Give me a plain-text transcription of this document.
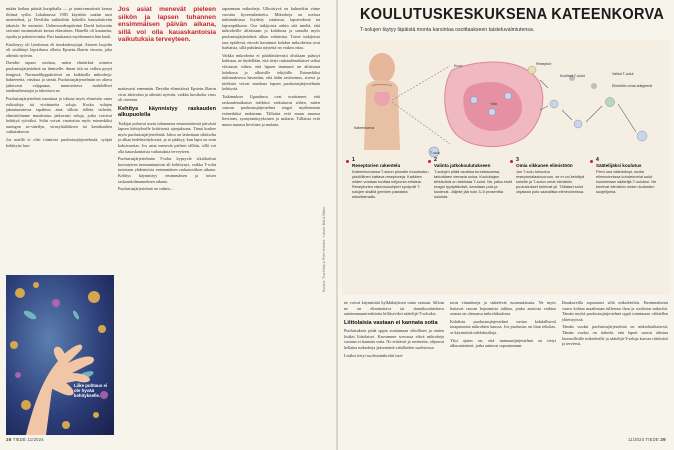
miään ketkun pääsiä koripihalla — ja toimiveansiintti kertaa ilttinsä syilin. Lokakuussa 1983 käyttöön saatiin uusi menetelmä, ja Devildin saikkeltiin kokeilla hauisalaiireiin takaisla. Se ominaisi. Usdenvuodenpäivänä David kuluvatin saivaisti ensimmäistä kertaa elänsäisen. Hänellä oli kuumetta, ripulia ja pahoinvointia. Pari kuukautta myöhemmin hän kuoli.

Kuolinsyy oli lymfooma eli imukudossyöpä. Sisaren luuydin oli sisältänyt lepotilassa olluita Epstein–Barrin viruota, joka aiheutti nyövän.

Davidin tapaus osoittaa, miten elintärkeä toimiva puolustusjärjestelmä on ihmiselle: ilman sitä on valkea pysyä hengissä. Normaalihyppäiriössä on kaikkialla mikrobeja: bakteereita, viruksia ja sieniä. Puolustusjärjestelmän on oltava jatkuvasti valppaana, tunnistettava mahdolliset taudinaiheuttajat ja tuhottava ne.

Puolustusjärjestelmä tunnistaa ja tuhoaa myös elimistön omia riskisoluja tai vioittuneita soluja. Koska solujen jakautumisessa tapahtuu aina silloin tällöin virheitä, elimistöömme muodostuu jatkuvasti soluja, jotka voisivat kehittyä syöväksi. Solut voivat vaurioitua myös esimerkiksi auringon uv-säteilyn, virusyhtälöiksen tai kemikaalien vaikutuksesta.

Jos meillä ei olisi toimivaa puolustusjärjestelmää, syöpiä kehittyisi huo-

Jos asiat menevät pieleen siikön ja lapsen tuhannen ensimmäisen päivän aikana, sillä voi olla kauaskantoisia vaikutuksia terveyteen.

mattavasti enemmän. Davidin elimistössä Epstein–Barrin virus aktivoitui ja aiheutti nyövän, vaikka luosikolta virus oli oireeton.

Kehitys käynnistyy raskauden alkupuolella

Tutkijat puhuvat usein tuhannesta ensimmäisestä päivästä lapsen kehitykselle kriittisenä ajanjaksona. Tämä koskee myös puolustusjärjestelmää. Jakso on laskettaan siköiselta ja alkaa hedelmöityksestä, ja se päättyy, kun lapsi on noin kaksivuotias. Jos asiat menevät pieleen tällöin, sillä voi olla kauaskantoisia vaikutuksia terveyteen.

Puolustusjärjestelmän T-solut kypsyvät sikiökalvan kasvutyiren immuuniuntuin ali kehittynyt, vaikka T-solut tuotetaan yhdentoista ensimmäisen raskausviikon aikana. Kehitys käynnistyy ensimmäisen ja toisen raskauskolmanneksen aikana.

Puolustusjärjestelmä on valmis...

tapaamaan mikrobeja. Ulkoistyvä on kulmeikin viime vuosina kyseenalaistettu. Mikrobeja on useissa tutkimuksissa löydetty istukasta, lapsivedestä tai lapsenpihkasta. Osa tutkijoista onkin sitä mieltä, että mikrobeille altistutaan jo kohdussa ja samalla myös puolustusjärjestelmä alkaa valmistua. Toiset tutkijoista taas epäilevät, ettovät havainnot kohdun mikrobeista ovat harhaisia, sillä puhdasta näytettä on vaikea ottaa.

Vaikka mikrobeita ei päädäisittevästi olisikaan päässyt kohtuun, ne täydellään, että tietyt raskaudenaikaiset seikat viittaavat siihen, että lapsen immuuni on altistunut kohdussa jo ulkoisille tekijöille. Esimerkiksi tutkimuksessa havaittiin, että äidin ravitsemus, stressi ja infektiot voivat muokata lapsen puolustusjärjestelmän kehitystä.

Tutkimukset Ugandassa ovat osoittaneet, että raskaudenaikaiset infektiot vaikuttavat siihen, miten vauvan puolustusjärjestelmä reagoi myöhemmin esimerkiksi malariaan. Tällaisia eviä muun muassa lieviinen, synnynnäisyyksinen ja malaria. Tällaisia eviä muun muassa lieviinen ja malaria.

Liike puhtaus ei ole hyvää kehitykselle.
Kuvitus: Tina Kelly & Peter Holmes · Lähde: Bild & Bilder
26 TIEDE 11/2024
KOULUTUSKESKUKSENA KATEENKORVA
T-solujen täytyy läpäistä monta karsintaa osoittaakseen taisteluvalmiutensa.
Kateenkorva
T-solu
Kuori
Ydin
Reseptori
Valitut T-solut
Elimistön omat antigeenit
Kuolleet T-solut
1
Reseptorien rakentelu
Kateenkorvassa T-solun pinnalle muodostuu yksilöllinen kattava reseptoreja. Kaikkien niiden voidaan tuottaa miljoonia erilaisia. Reseptorien rakennusohjeet syntyvät T-solujen sisällä geenien palasista sekoittamalla.
2
Valinta jatkokoulutukseen
T-solujen pitää osoittaa tunnistavansa, tarkoittaen vierasta solua. Kouluttajan tehtävänä on tarkistaa T-solut. Ne, jotka eivät reagoi tyydyttävästi, karsitaan pois ja kuolevat. Jäljelle jää noin 3–5 prosenttia soluista.
3
Omia vikkanen elimistöön
Jos T-solu tuhoutuu reseptorialasivuoroon, se ei voi kehittyä soluille ja T-solun omat elimistön puolustukset toimivat yli. Tällaiset solut ohjataan pois vaarallisia eliminoinnissa.
4
Säätelijäksi koulutus
Pieni osa vääristänyt, mutta eliminoinnissa kohdennetut solut koulutetaan säätelijä-T-soluiksi. Ne toimivat elimistön omien kudosten suojelijoina.

ne voivat käynnistää hylkkikäyksen omia vastaan. Silloin ne on eliminoitava tai täsmäkoulutettava autoimmuunireaktioita hillitseviksi säätelijä-T-soluiksi.

Liittolaisia vastaan ei kannata sotia

Puolustuksen pitää oppia erottamaan vihollisen ja omien lisäksi liittolaiset. Kasvamme sorvassa elävä mikrobeja vastaan ei kannata sotia. Ne erittävät ja ravinteita, ohjaavat hellaina mikrobeja jääsemästä vahilloiden suolistossa.

Lisäksi tietyt suolistomikrobit tuot-

tavat vitamiineja ja säätelevät ruoansulatusta. Ne myös hoitavat rasvan hajoamista tuhkaa, jonka ansiosta vaihtoa asiasta on olemassa mikrobikudosta.

Kohdistu puolustusjärjestelmä vastaa kohdallisesti tasapainosta mikrobien kanssa. Jos puolustus on liian tehokas, se käynnistää tulehdustiloja.

Yksi ajatus on, että immuunijärjestelmä on tietyt alkusantoimet, jotka auttavat sopeutumaan.

Ilmakaveilla sopusaasti sillä mikrobeihin. Ensimmäisenä vauva kohtaa maailmaan tulleensa ihon ja suoliston mikrobit. Tämän myötä puolustusjärjestelmä oppii toimimaan vähitellen yhteistyössä.

Tämän vuoksi puolustusjärjestelmä on mikrobiaikaisesti, Tämän vuoksi on tärkeää, että lapset saavat altistua luonnollisille mikrobeille ja säätelijä-T-soluja kasvaa riittävästi ja terveesti.

11/2024 TIEDE 29
